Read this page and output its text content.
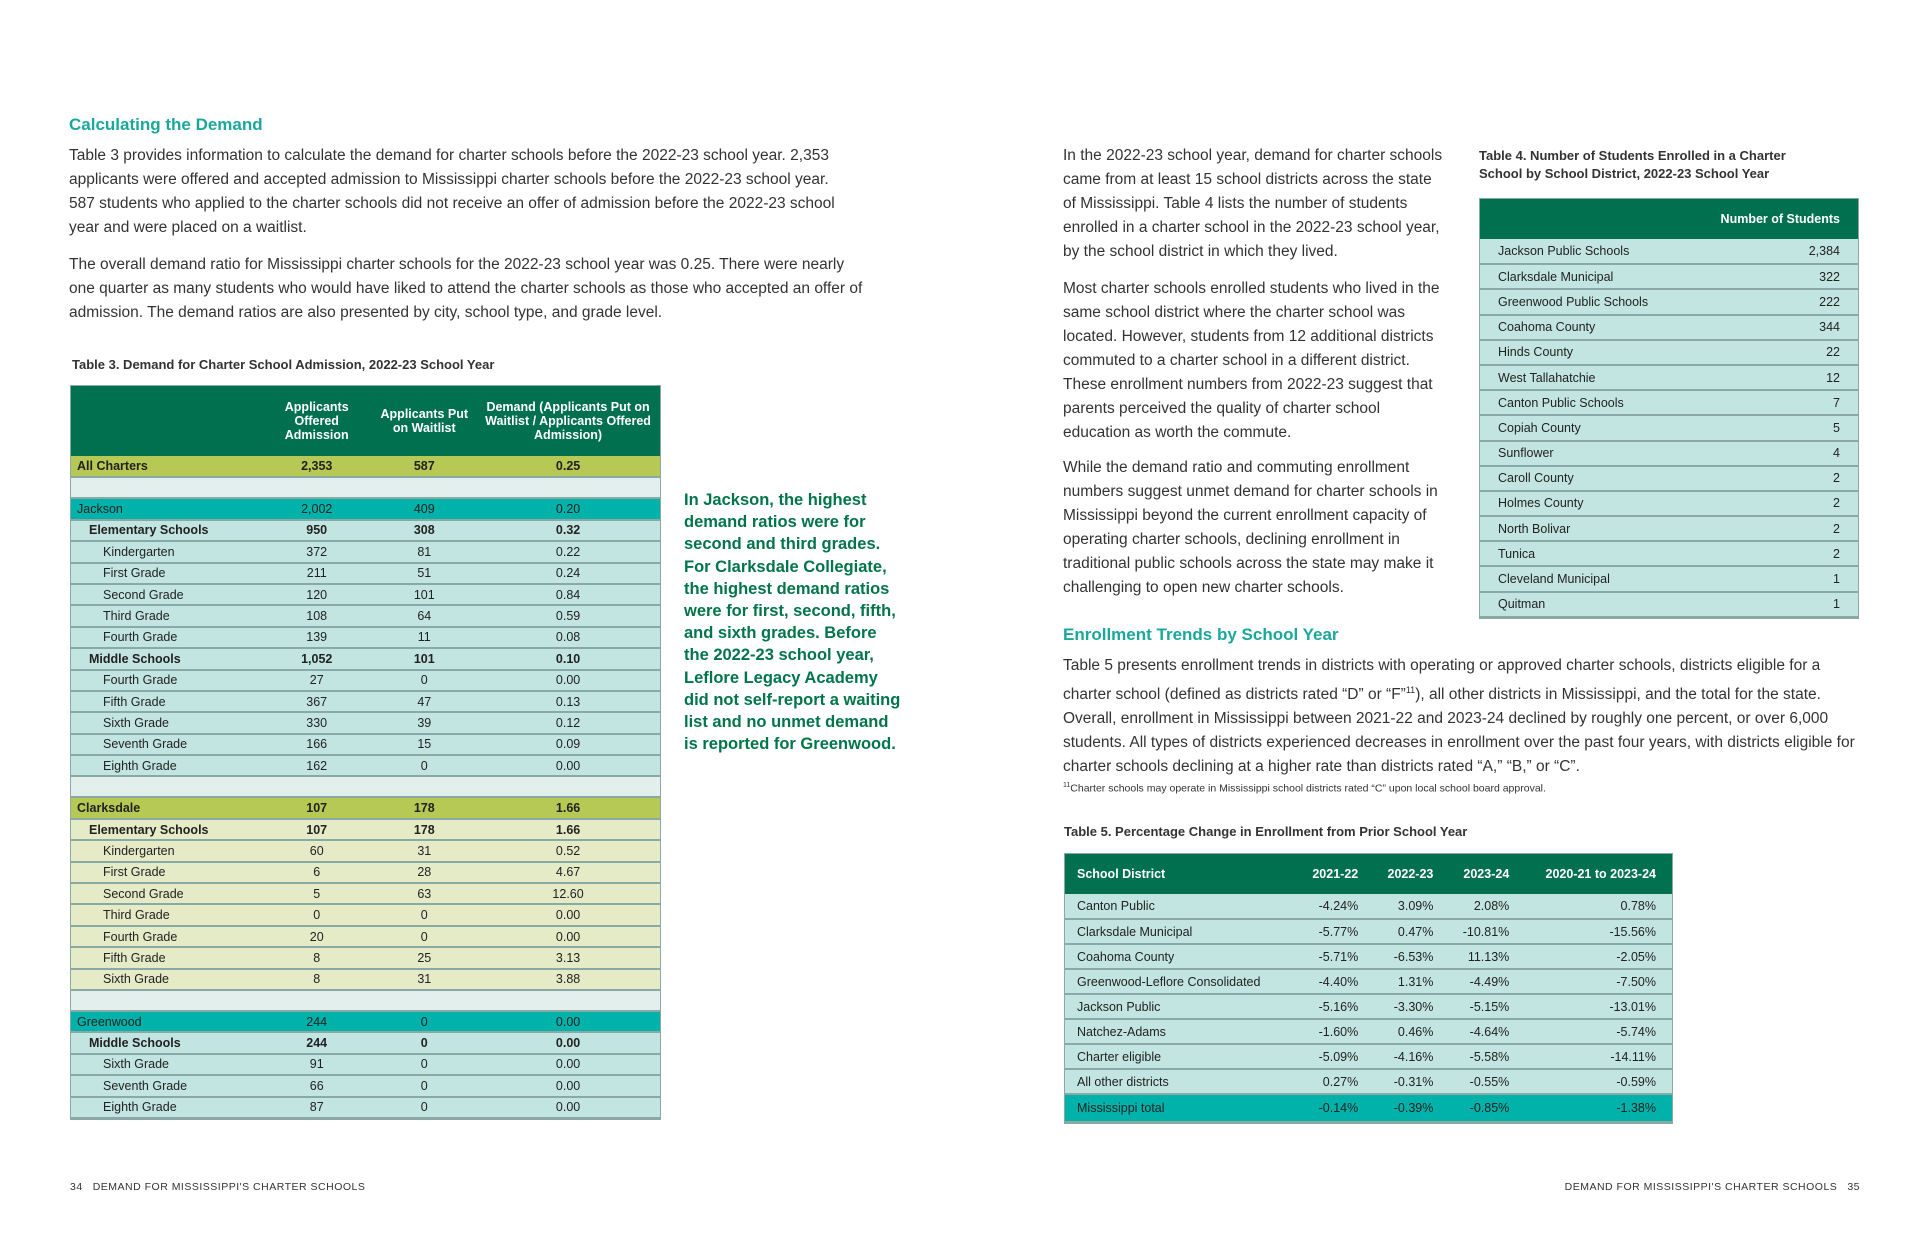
Calculating the Demand

Table 3 provides information to calculate the demand for charter schools before the 2022-23 school year. 2,353 applicants were offered and accepted admission to Mississippi charter schools before the 2022-23 school year. 587 students who applied to the charter schools did not receive an offer of admission before the 2022-23 school year and were placed on a waitlist.

The overall demand ratio for Mississippi charter schools for the 2022-23 school year was 0.25. There were nearly one quarter as many students who would have liked to attend the charter schools as those who accepted an offer of admission. The demand ratios are also presented by city, school type, and grade level.

Table 3. Demand for Charter School Admission, 2022-23 School Year
	Applicants Offered Admission	Applicants Put on Waitlist	Demand (Applicants Put on Waitlist / Applicants Offered Admission)
All Charters	2,353	587	0.25

Jackson	2,002	409	0.20
Elementary Schools	950	308	0.32
Kindergarten	372	81	0.22
First Grade	211	51	0.24
Second Grade	120	101	0.84
Third Grade	108	64	0.59
Fourth Grade	139	11	0.08
Middle Schools	1,052	101	0.10
Fourth Grade	27	0	0.00
Fifth Grade	367	47	0.13
Sixth Grade	330	39	0.12
Seventh Grade	166	15	0.09
Eighth Grade	162	0	0.00

Clarksdale	107	178	1.66
Elementary Schools	107	178	1.66
Kindergarten	60	31	0.52
First Grade	6	28	4.67
Second Grade	5	63	12.60
Third Grade	0	0	0.00
Fourth Grade	20	0	0.00
Fifth Grade	8	25	3.13
Sixth Grade	8	31	3.88

Greenwood	244	0	0.00
Middle Schools	244	0	0.00
Sixth Grade	91	0	0.00
Seventh Grade	66	0	0.00
Eighth Grade	87	0	0.00
In Jackson, the highest demand ratios were for second and third grades. For Clarksdale Collegiate, the highest demand ratios were for first, second, fifth, and sixth grades. Before the 2022-23 school year, Leflore Legacy Academy did not self-report a waiting list and no unmet demand is reported for Greenwood.
34 DEMAND FOR MISSISSIPPI'S CHARTER SCHOOLS

In the 2022-23 school year, demand for charter schools came from at least 15 school districts across the state of Mississippi. Table 4 lists the number of students enrolled in a charter school in the 2022-23 school year, by the school district in which they lived.

Most charter schools enrolled students who lived in the same school district where the charter school was located. However, students from 12 additional districts commuted to a charter school in a different district. These enrollment numbers from 2022-23 suggest that parents perceived the quality of charter school education as worth the commute.

While the demand ratio and commuting enrollment numbers suggest unmet demand for charter schools in Mississippi beyond the current enrollment capacity of operating charter schools, declining enrollment in traditional public schools across the state may make it challenging to open new charter schools.

Table 4. Number of Students Enrolled in a Charter School by School District, 2022-23 School Year
	Number of Students
Jackson Public Schools	2,384
Clarksdale Municipal	322
Greenwood Public Schools	222
Coahoma County	344
Hinds County	22
West Tallahatchie	12
Canton Public Schools	7
Copiah County	5
Sunflower	4
Caroll County	2
Holmes County	2
North Bolivar	2
Tunica	2
Cleveland Municipal	1
Quitman	1
Enrollment Trends by School Year

Table 5 presents enrollment trends in districts with operating or approved charter schools, districts eligible for a charter school (defined as districts rated “D” or “F”$^{11}$), all other districts in Mississippi, and the total for the state. Overall, enrollment in Mississippi between 2021-22 and 2023-24 declined by roughly one percent, or over 6,000 students. All types of districts experienced decreases in enrollment over the past four years, with districts eligible for charter schools declining at a higher rate than districts rated “A,” “B,” or “C”.

$^{11}$Charter schools may operate in Mississippi school districts rated “C” upon local school board approval.
Table 5. Percentage Change in Enrollment from Prior School Year
School District	2021-22	2022-23	2023-24	2020-21 to 2023-24
Canton Public	-4.24%	3.09%	2.08%	0.78%
Clarksdale Municipal	-5.77%	0.47%	-10.81%	-15.56%
Coahoma County	-5.71%	-6.53%	11.13%	-2.05%
Greenwood-Leflore Consolidated	-4.40%	1.31%	-4.49%	-7.50%
Jackson Public	-5.16%	-3.30%	-5.15%	-13.01%
Natchez-Adams	-1.60%	0.46%	-4.64%	-5.74%
Charter eligible	-5.09%	-4.16%	-5.58%	-14.11%
All other districts	0.27%	-0.31%	-0.55%	-0.59%
Mississippi total	-0.14%	-0.39%	-0.85%	-1.38%
DEMAND FOR MISSISSIPPI'S CHARTER SCHOOLS 35
